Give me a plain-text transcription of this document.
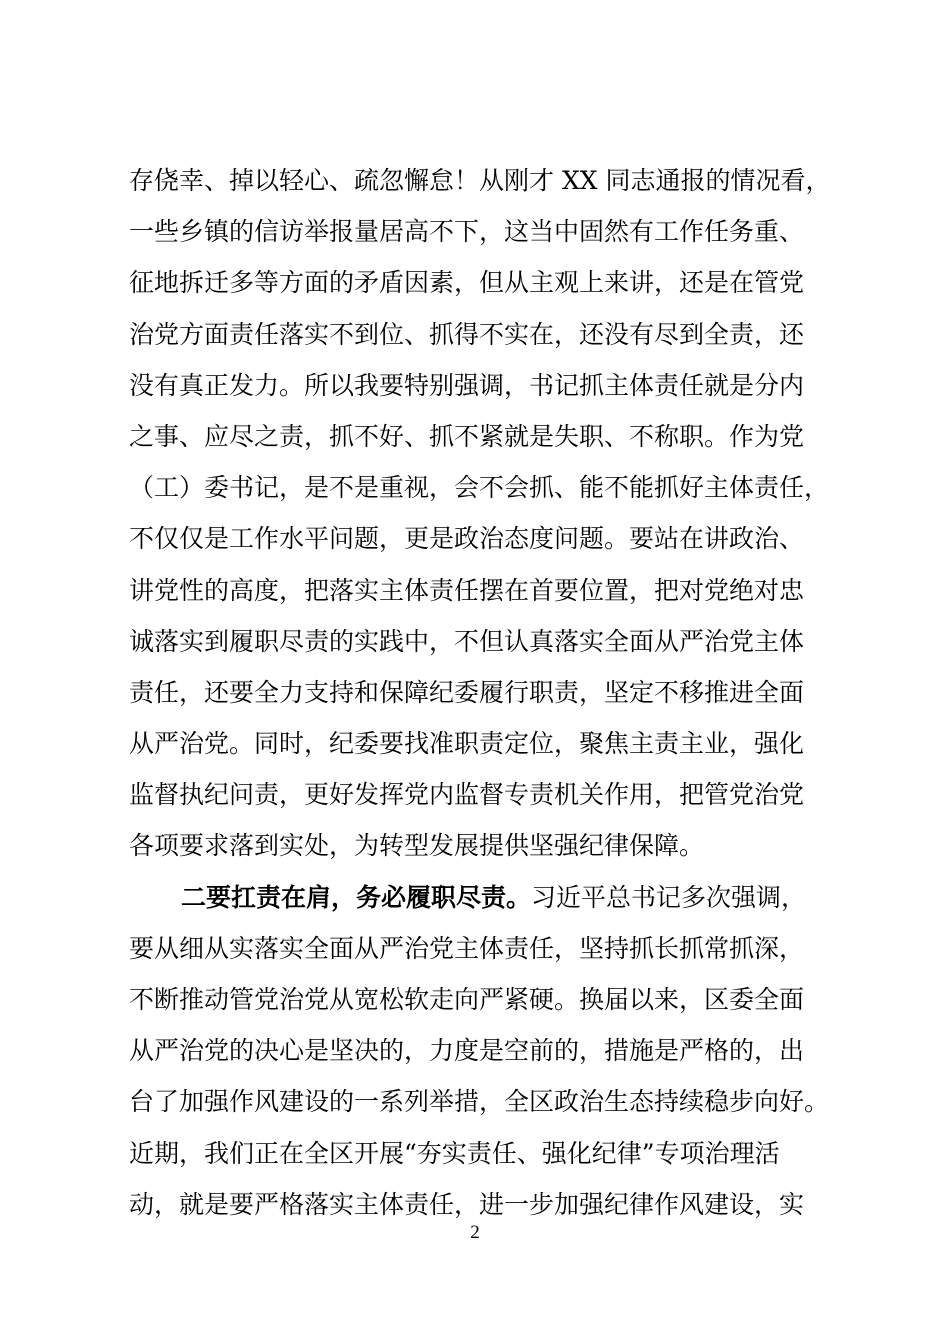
存侥幸、掉以轻心、疏忽懈怠！从刚才 XX 同志通报的情况看，
一些乡镇的信访举报量居高不下，这当中固然有工作任务重、
征地拆迁多等方面的矛盾因素，但从主观上来讲，还是在管党
治党方面责任落实不到位、抓得不实在，还没有尽到全责，还
没有真正发力。所以我要特别强调，书记抓主体责任就是分内
之事、应尽之责，抓不好、抓不紧就是失职、不称职。作为党
（工）委书记，是不是重视，会不会抓、能不能抓好主体责任，
不仅仅是工作水平问题，更是政治态度问题。要站在讲政治、
讲党性的高度，把落实主体责任摆在首要位置，把对党绝对忠
诚落实到履职尽责的实践中，不但认真落实全面从严治党主体
责任，还要全力支持和保障纪委履行职责，坚定不移推进全面
从严治党。同时，纪委要找准职责定位，聚焦主责主业，强化
监督执纪问责，更好发挥党内监督专责机关作用，把管党治党
各项要求落到实处，为转型发展提供坚强纪律保障。
二要扛责在肩，务必履职尽责。习近平总书记多次强调，
要从细从实落实全面从严治党主体责任，坚持抓长抓常抓深，
不断推动管党治党从宽松软走向严紧硬。换届以来，区委全面
从严治党的决心是坚决的，力度是空前的，措施是严格的，出
台了加强作风建设的一系列举措，全区政治生态持续稳步向好。
近期，我们正在全区开展“夯实责任、强化纪律”专项治理活
动，就是要严格落实主体责任，进一步加强纪律作风建设，实
2
